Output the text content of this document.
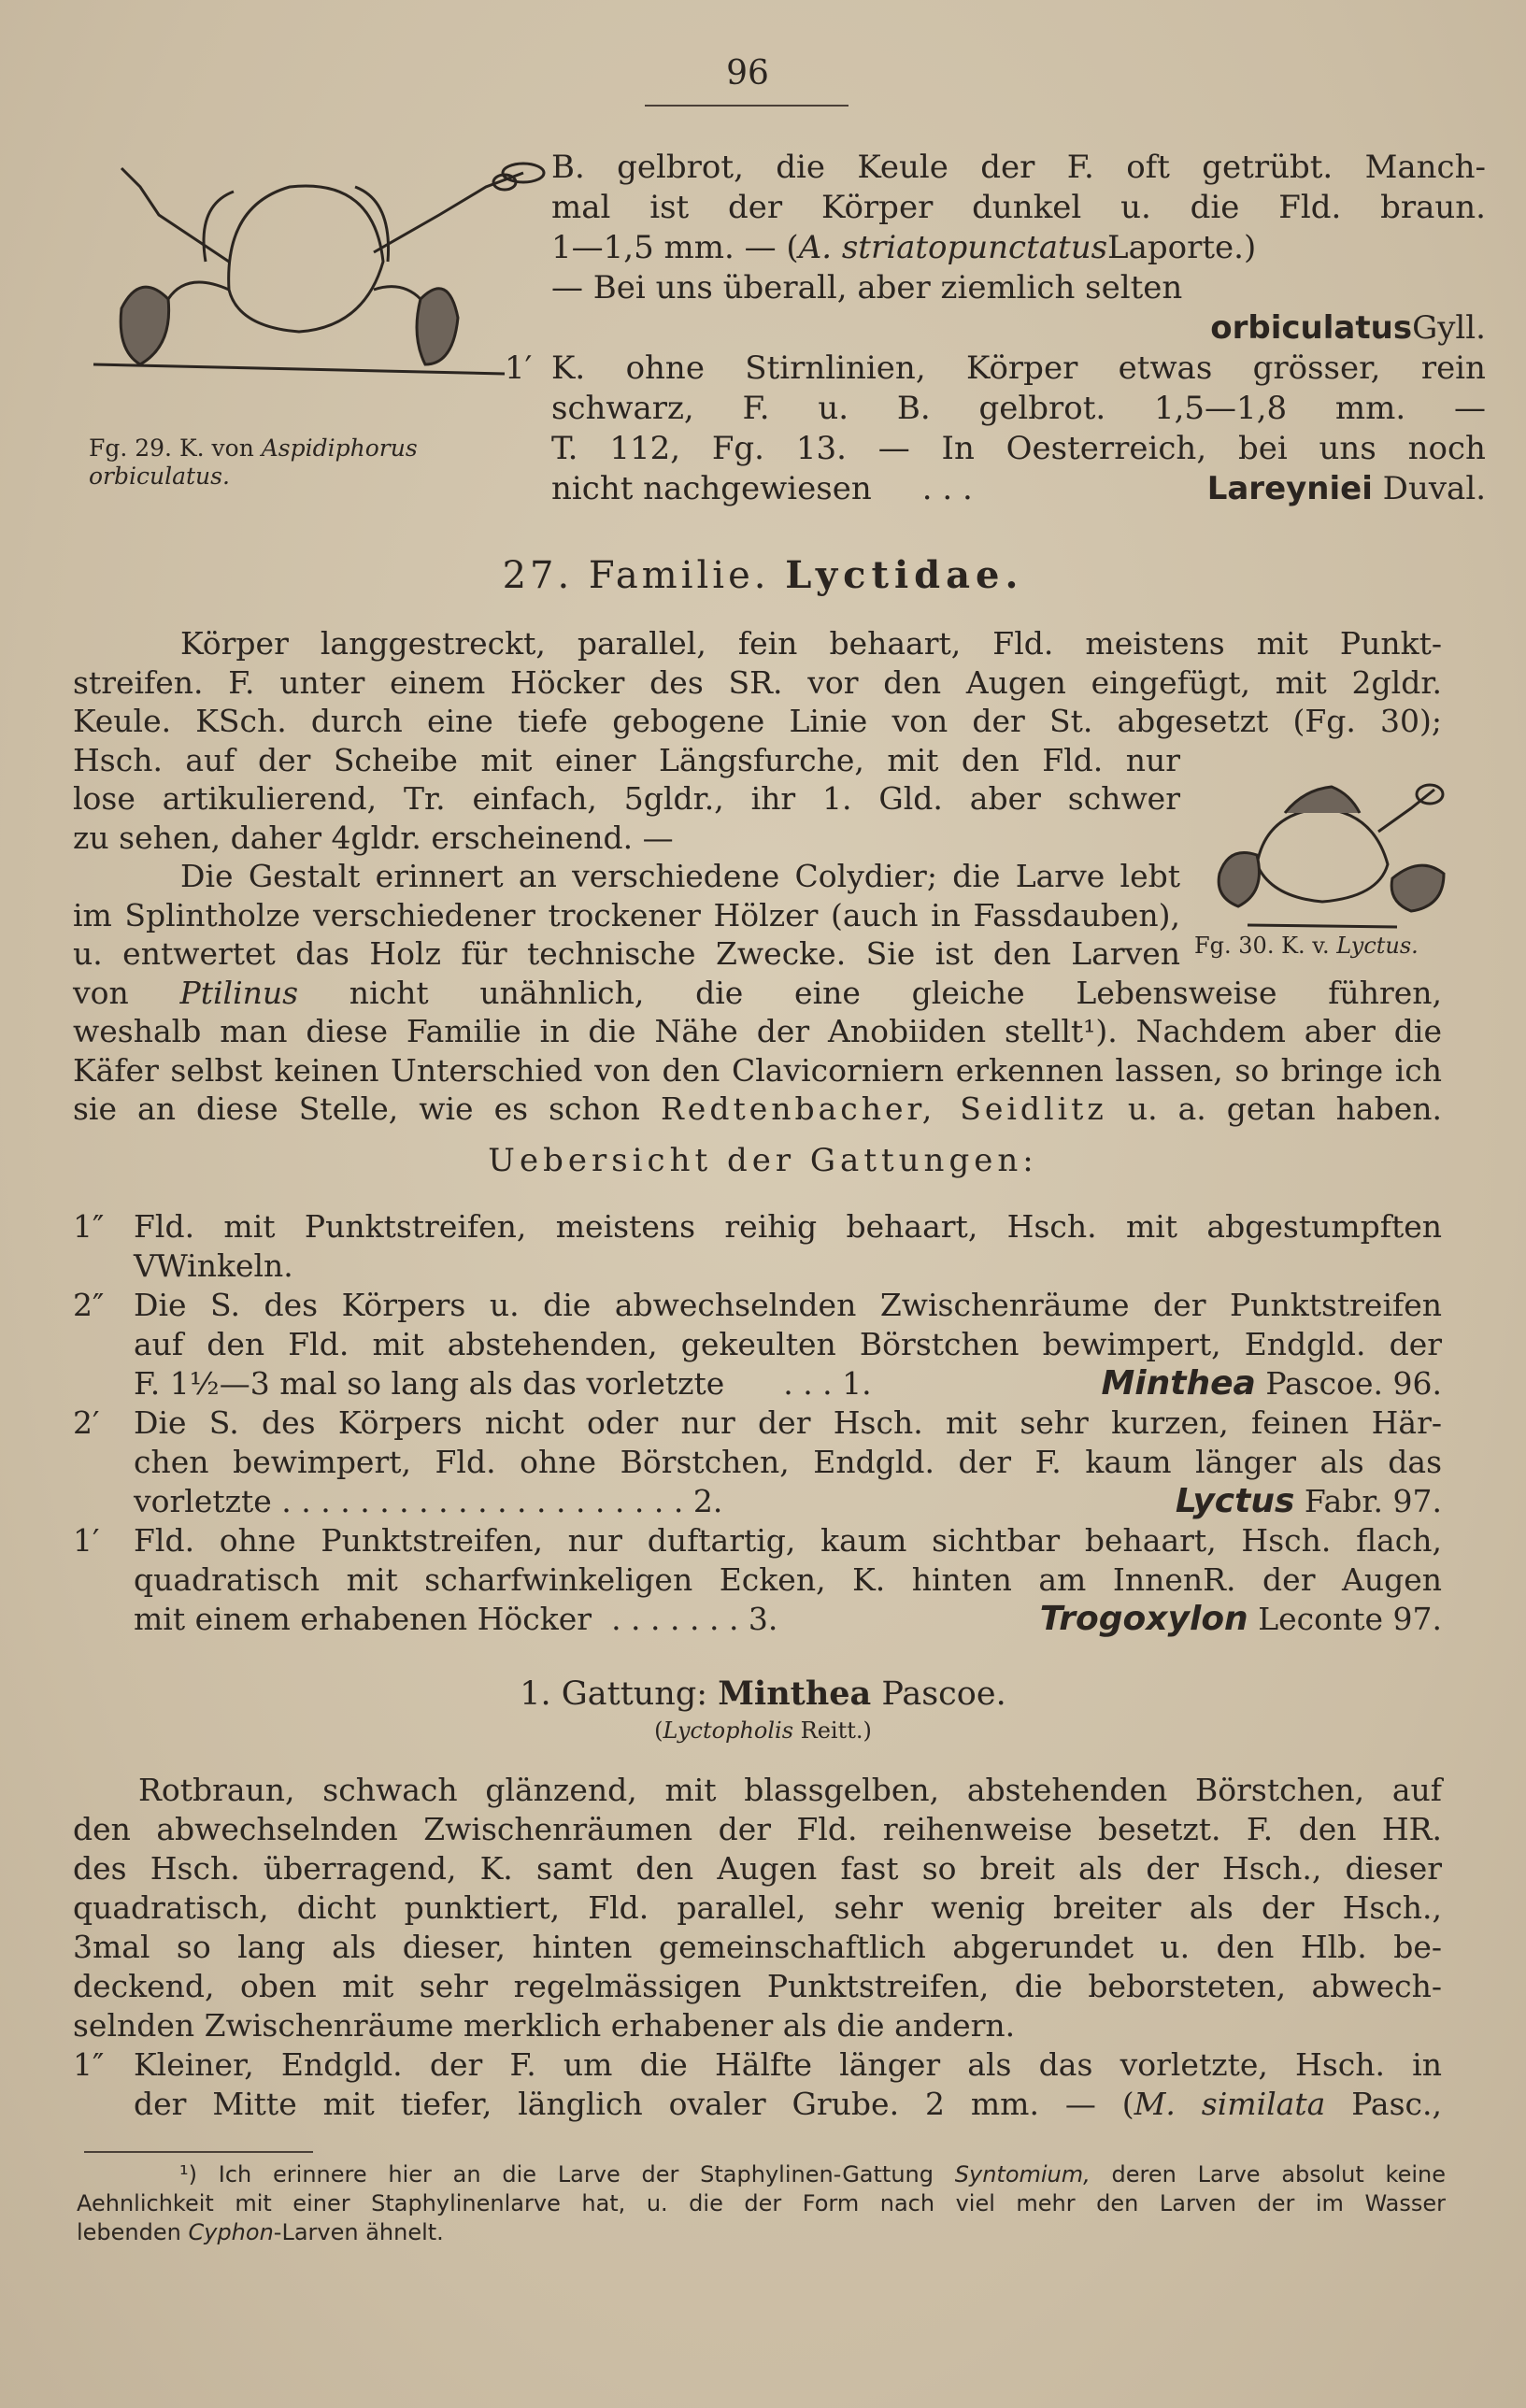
96
Fg. 29. K. von Aspidiphorus orbiculatus.
B. gelbrot, die Keule der F. oft getrübt. Manch-
mal ist der Körper dunkel u. die Fld. braun.
1—1,5 mm. — ( A. striatopunctatus Laporte.)
— Bei uns überall, aber ziemlich selten
orbiculatus Gyll.
1′ K. ohne Stirnlinien, Körper etwas grösser, rein
schwarz, F. u. B. gelbrot. 1,5—1,8 mm. —
T. 112, Fg. 13. — In Oesterreich, bei uns noch
nicht nachgewiesen     . . .	Lareyniei Duval.
27. Familie. Lyctidae.

Körper langgestreckt, parallel, fein behaart, Fld. meistens mit Punkt-

streifen. F. unter einem Höcker des SR. vor den Augen eingefügt, mit 2gldr.

Keule. KSch. durch eine tiefe gebogene Linie von der St. abgesetzt (Fg. 30);

Hsch. auf der Scheibe mit einer Längsfurche, mit den Fld. nur

lose artikulierend, Tr. einfach, 5gldr., ihr 1. Gld. aber schwer

zu sehen, daher 4gldr. erscheinend. —

Die Gestalt erinnert an verschiedene Colydier; die Larve lebt

im Splintholze verschiedener trockener Hölzer (auch in Fassdauben),

u. entwertet das Holz für technische Zwecke. Sie ist den Larven

von Ptilinus nicht unähnlich, die eine gleiche Lebensweise führen,

weshalb man diese Familie in die Nähe der Anobiiden stellt¹). Nachdem aber die

Käfer selbst keinen Unterschied von den Clavicorniern erkennen lassen, so bringe ich

sie an diese Stelle, wie es schon Redtenbacher, Seidlitz u. a. getan haben.

Fg. 30. K. v. Lyctus.
Uebersicht der Gattungen:
1″ Fld. mit Punktstreifen, meistens reihig behaart, Hsch. mit abgestumpften
VWinkeln.
2″ Die S. des Körpers u. die abwechselnden Zwischenräume der Punktstreifen
auf den Fld. mit abstehenden, gekeulten Börstchen bewimpert, Endgld. der
F. 1½—3 mal so lang als das vorletzte      . . . 1.	Minthea Pascoe. 96.
2′ Die S. des Körpers nicht oder nur der Hsch. mit sehr kurzen, feinen Här-
chen bewimpert, Fld. ohne Börstchen, Endgld. der F. kaum länger als das
vorletzte . . . . . . . . . . . . . . . . . . . . . 2.	Lyctus Fabr. 97.
1′ Fld. ohne Punktstreifen, nur duftartig, kaum sichtbar behaart, Hsch. flach,
quadratisch mit scharfwinkeligen Ecken, K. hinten am InnenR. der Augen
mit einem erhabenen Höcker  . . . . . . . 3.	Trogoxylon Leconte 97.
1. Gattung: Minthea Pascoe.
(Lyctopholis Reitt.)

Rotbraun, schwach glänzend, mit blassgelben, abstehenden Börstchen, auf

den abwechselnden Zwischenräumen der Fld. reihenweise besetzt. F. den HR.

des Hsch. überragend, K. samt den Augen fast so breit als der Hsch., dieser

quadratisch, dicht punktiert, Fld. parallel, sehr wenig breiter als der Hsch.,

3mal so lang als dieser, hinten gemeinschaftlich abgerundet u. den Hlb. be-

deckend, oben mit sehr regelmässigen Punktstreifen, die beborsteten, abwech-

selnden Zwischenräume merklich erhabener als die andern.

1″ Kleiner, Endgld. der F. um die Hälfte länger als das vorletzte, Hsch. in
der Mitte mit tiefer, länglich ovaler Grube. 2 mm. — (M. similata Pasc.,
¹) Ich erinnere hier an die Larve der Staphylinen-Gattung Syntomium, deren Larve absolut keine
Aehnlichkeit mit einer Staphylinenlarve hat, u. die der Form nach viel mehr den Larven der im Wasser
lebenden Cyphon-Larven ähnelt.
